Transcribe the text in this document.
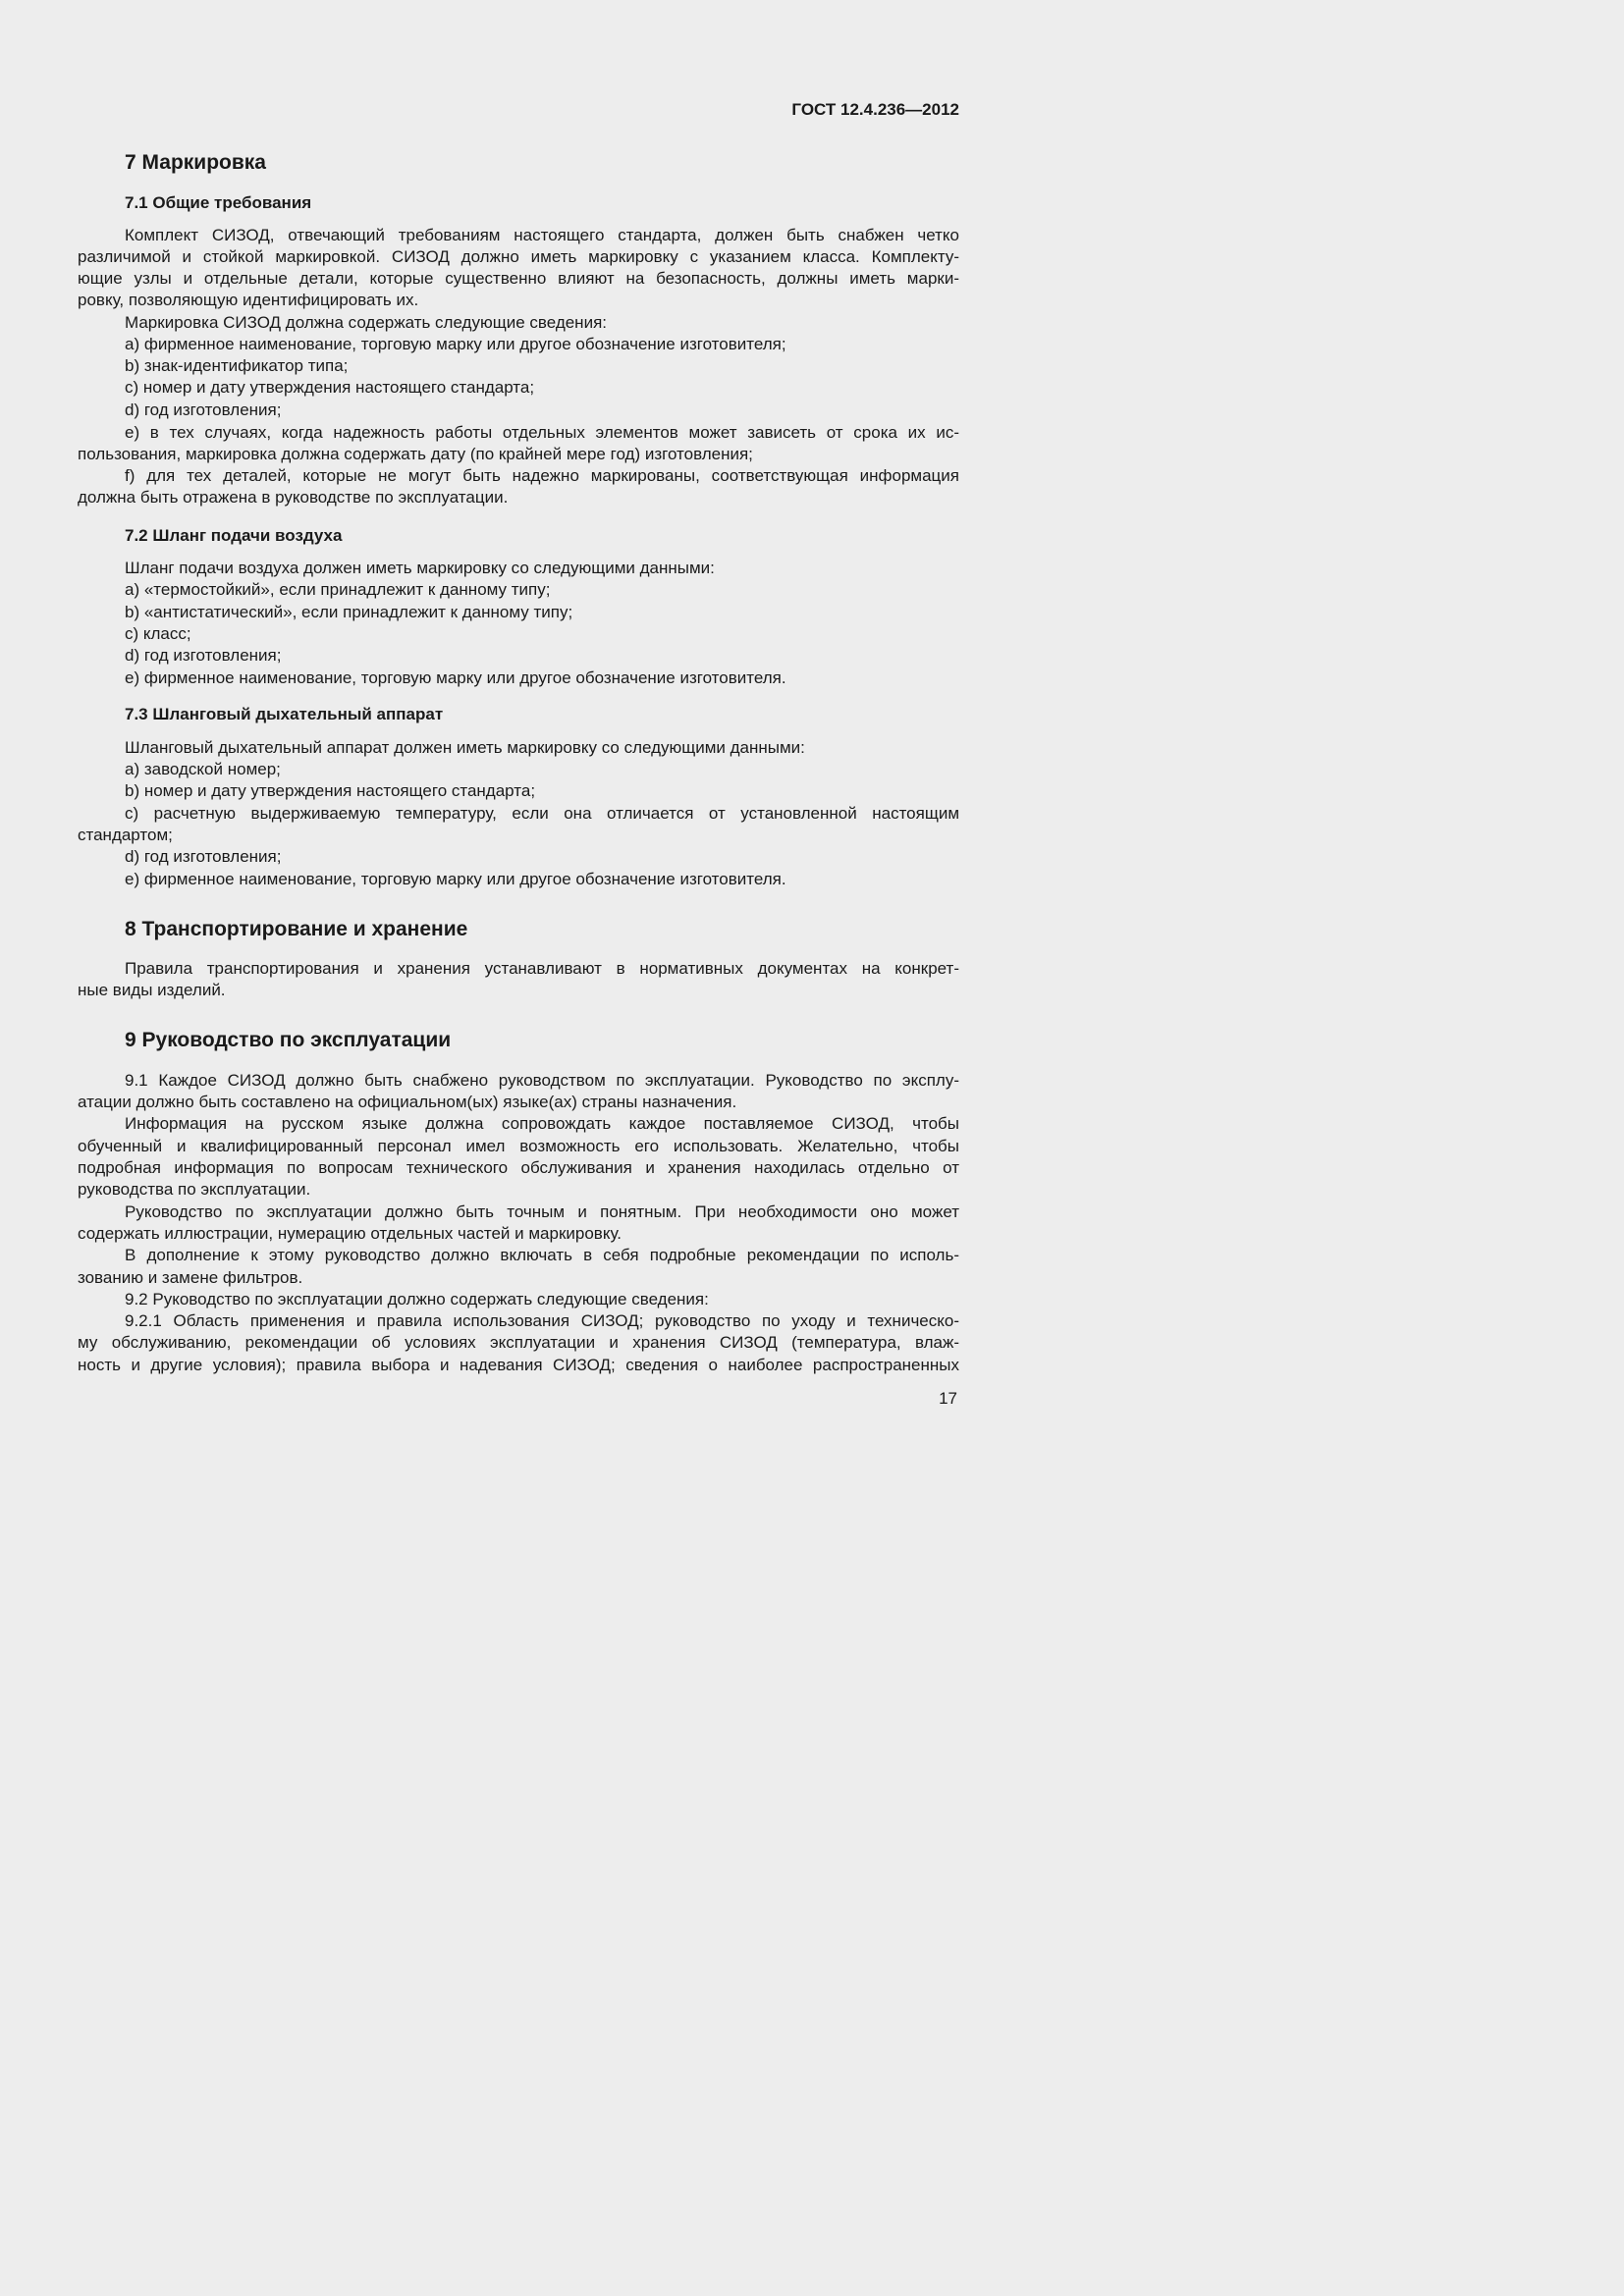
ГОСТ 12.4.236—2012
7 Маркировка
7.1 Общие требования
Комплект СИЗОД, отвечающий требованиям настоящего стандарта, должен быть снабжен четко
различимой и стойкой маркировкой. СИЗОД должно иметь маркировку с указанием класса. Комплекту-
ющие узлы и отдельные детали, которые существенно влияют на безопасность, должны иметь марки-
ровку, позволяющую идентифицировать их.
Маркировка СИЗОД должна содержать следующие сведения:
a) фирменное наименование, торговую марку или другое обозначение изготовителя;
b) знак-идентификатор типа;
c) номер и дату утверждения настоящего стандарта;
d) год изготовления;
e) в тех случаях, когда надежность работы отдельных элементов может зависеть от срока их ис-
пользования, маркировка должна содержать дату (по крайней мере год) изготовления;
f) для тех деталей, которые не могут быть надежно маркированы, соответствующая информация
должна быть отражена в руководстве по эксплуатации.
7.2 Шланг подачи воздуха
Шланг подачи воздуха должен иметь маркировку со следующими данными:
a) «термостойкий», если принадлежит к данному типу;
b) «антистатический», если принадлежит к данному типу;
c) класс;
d) год изготовления;
e) фирменное наименование, торговую марку или другое обозначение изготовителя.
7.3 Шланговый дыхательный аппарат
Шланговый дыхательный аппарат должен иметь маркировку со следующими данными:
a) заводской номер;
b) номер и дату утверждения настоящего стандарта;
c) расчетную выдерживаемую температуру, если она отличается от установленной настоящим
стандартом;
d) год изготовления;
e) фирменное наименование, торговую марку или другое обозначение изготовителя.
8 Транспортирование и хранение
Правила транспортирования и хранения устанавливают в нормативных документах на конкрет-
ные виды изделий.
9 Руководство по эксплуатации
9.1 Каждое СИЗОД должно быть снабжено руководством по эксплуатации. Руководство по эксплу-
атации должно быть составлено на официальном(ых) языке(ах) страны назначения.
Информация на русском языке должна сопровождать каждое поставляемое СИЗОД, чтобы
обученный и квалифицированный персонал имел возможность его использовать. Желательно, чтобы
подробная информация по вопросам технического обслуживания и хранения находилась отдельно от
руководства по эксплуатации.
Руководство по эксплуатации должно быть точным и понятным. При необходимости оно может
содержать иллюстрации, нумерацию отдельных частей и маркировку.
В дополнение к этому руководство должно включать в себя подробные рекомендации по исполь-
зованию и замене фильтров.
9.2 Руководство по эксплуатации должно содержать следующие сведения:
9.2.1 Область применения и правила использования СИЗОД; руководство по уходу и техническо-
му обслуживанию, рекомендации об условиях эксплуатации и хранения СИЗОД (температура, влаж-
ность и другие условия); правила выбора и надевания СИЗОД; сведения о наиболее распространенных
17
